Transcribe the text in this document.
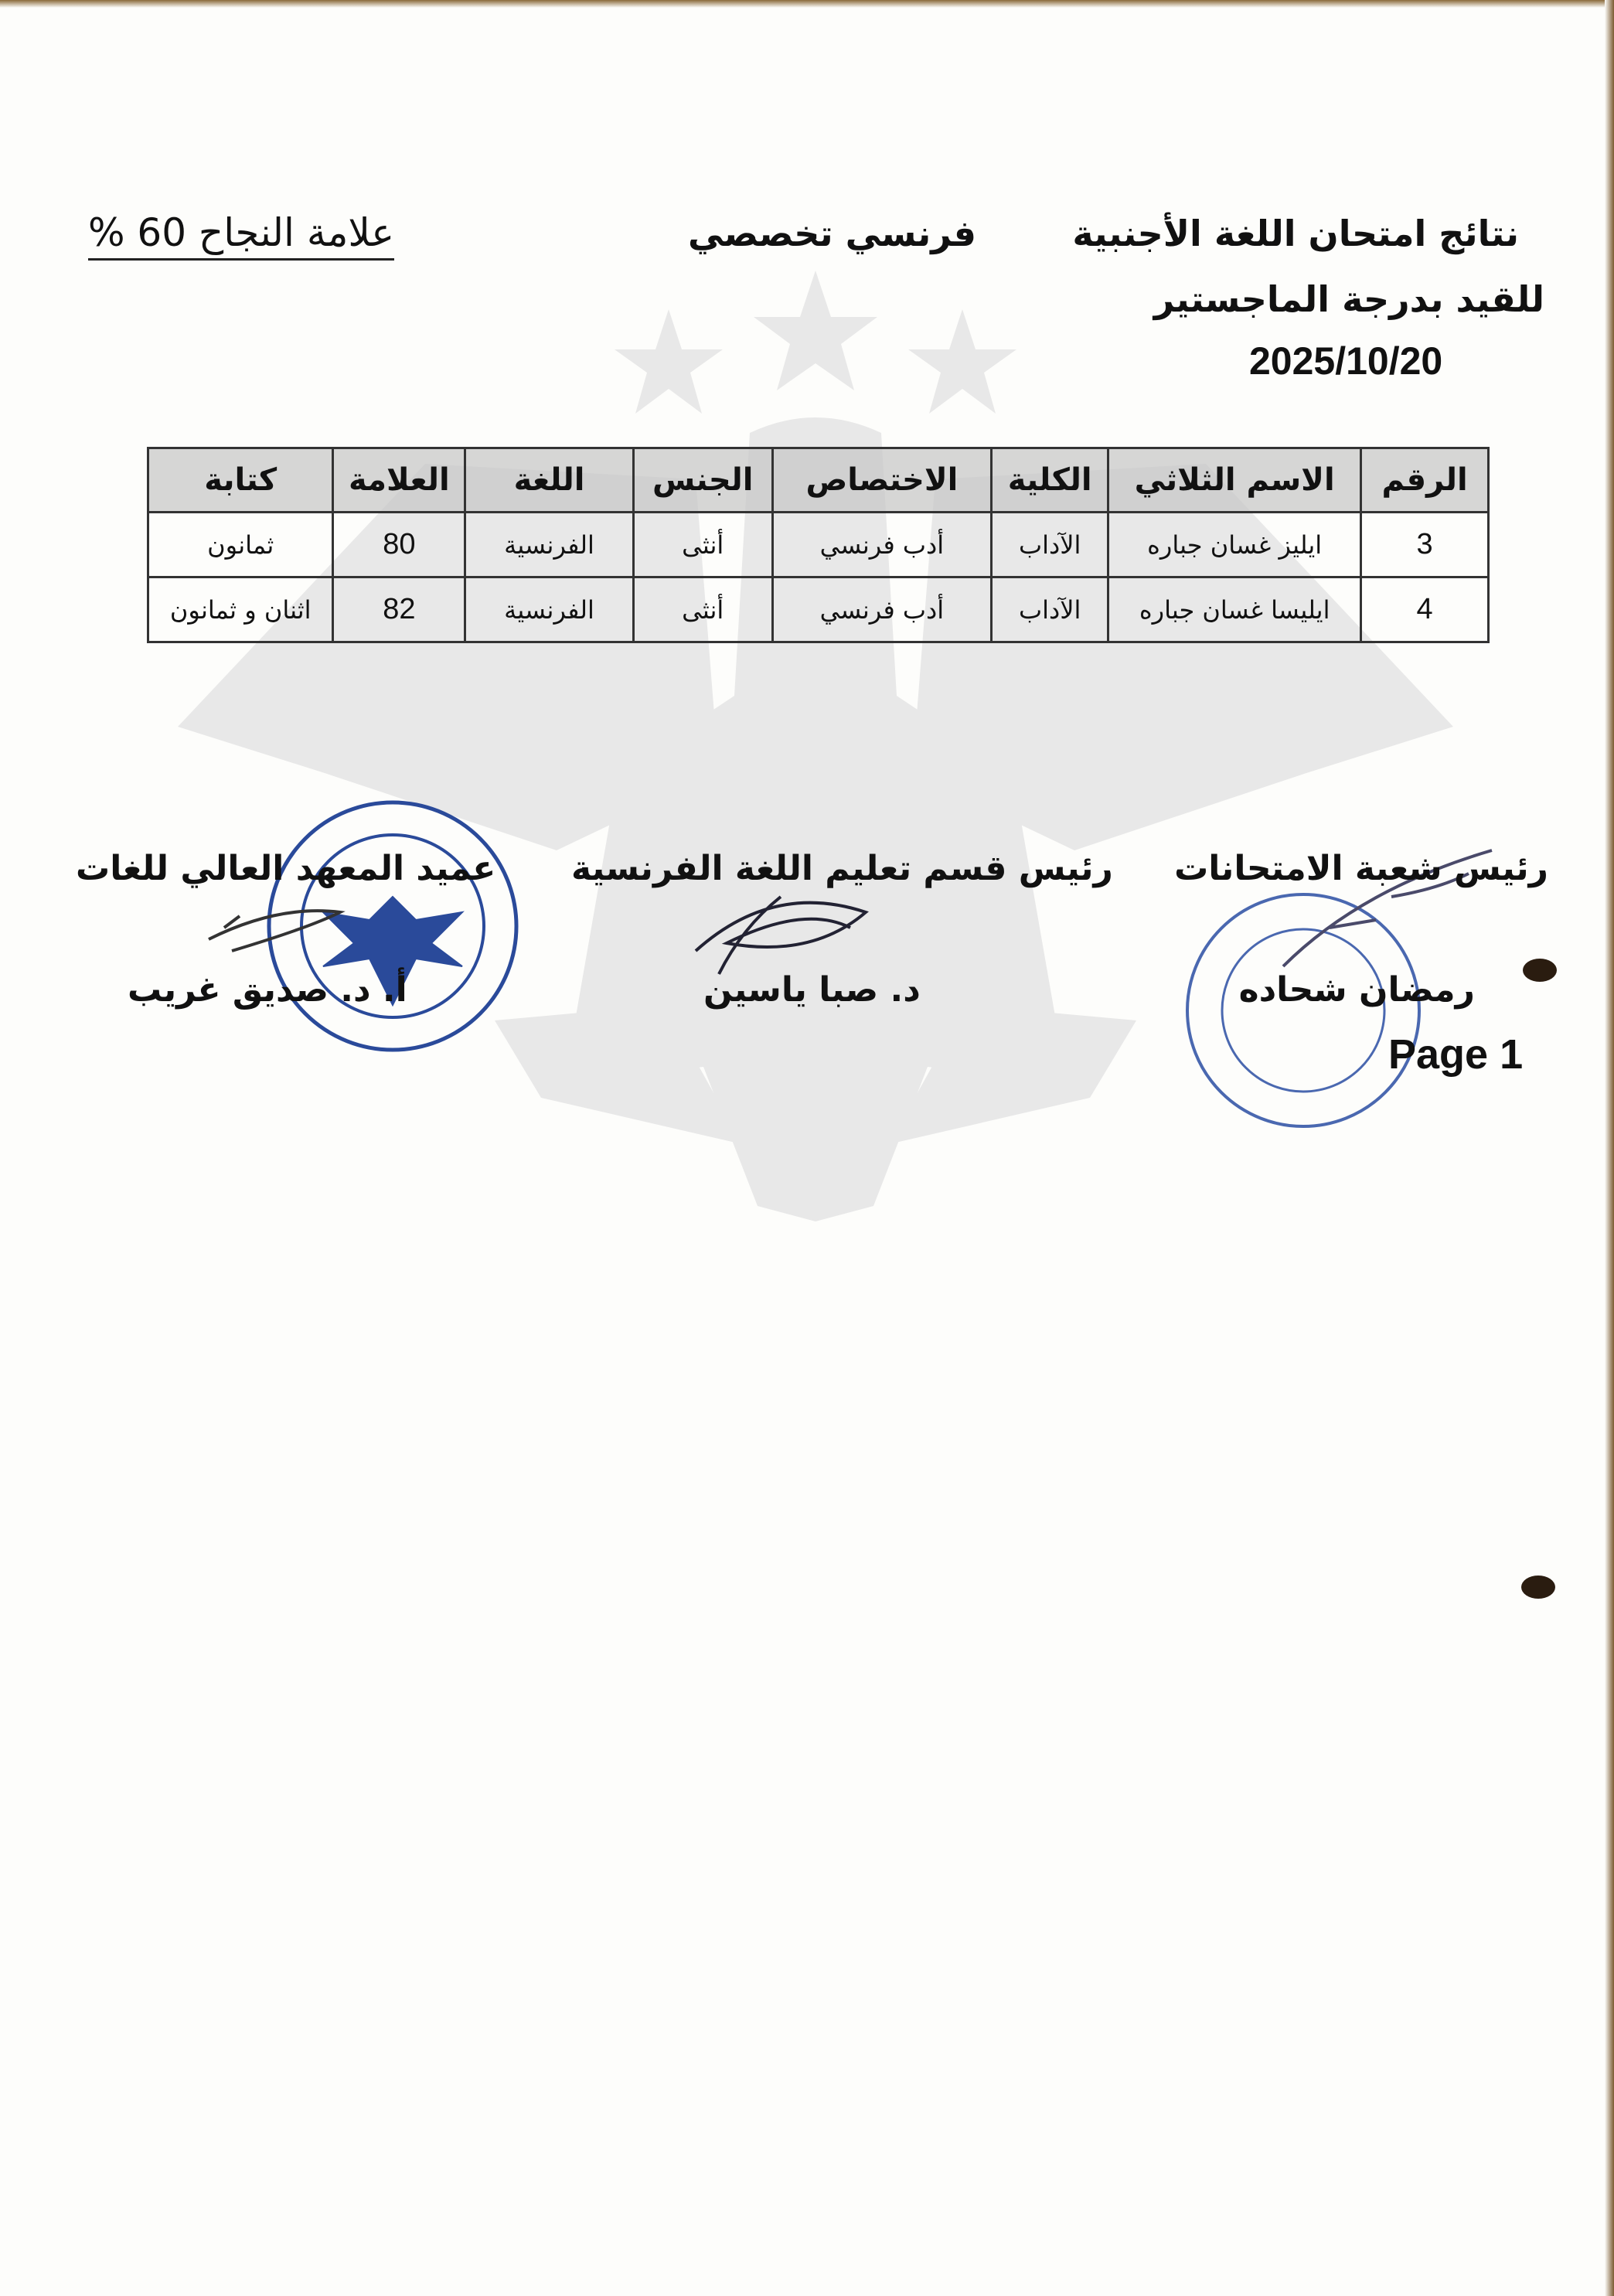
نتائج امتحان اللغة الأجنبية
للقيد بدرجة الماجستير
2025/10/20
فرنسي تخصصي
علامة النجاح 60 %
الرقم	الاسم الثلاثي	الكلية	الاختصاص	الجنس	اللغة	العلامة	كتابة
3	ايليز غسان جباره	الآداب	أدب فرنسي	أنثى	الفرنسية	80	ثمانون
4	ايليسا غسان جباره	الآداب	أدب فرنسي	أنثى	الفرنسية	82	اثنان و ثمانون
رئيس شعبة الامتحانات
رمضان شحاده
رئيس قسم تعليم اللغة الفرنسية
د. صبا ياسين
عميد المعهد العالي للغات
أ. د. صديق غريب
Page 1
